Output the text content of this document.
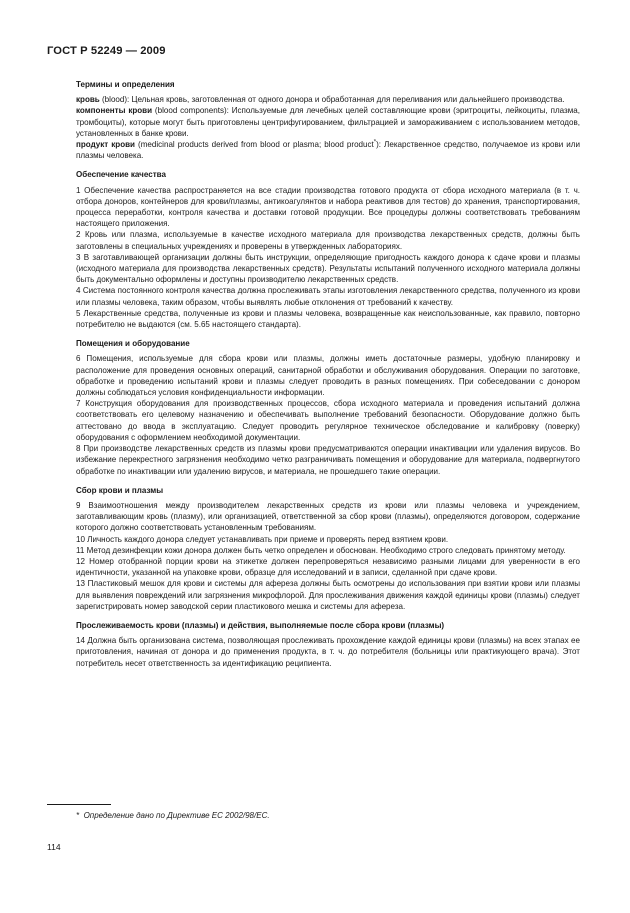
ГОСТ Р 52249 — 2009
Термины и определения

кровь (blood): Цельная кровь, заготовленная от одного донора и обработанная для переливания или дальнейшего производства.

компоненты крови (blood components): Используемые для лечебных целей составляющие крови (эритроциты, лейкоциты, плазма, тромбоциты), которые могут быть приготовлены центрифугированием, фильтрацией и замораживанием с использованием методов, установленных в банке крови.

продукт крови (medicinal products derived from blood or plasma; blood product*): Лекарственное средство, получаемое из крови или плазмы человека.

Обеспечение качества

1 Обеспечение качества распространяется на все стадии производства готового продукта от сбора исходного материала (в т. ч. отбора доноров, контейнеров для крови/плазмы, антикоагулянтов и набора реактивов для тестов) до хранения, транспортирования, процесса переработки, контроля качества и доставки готовой продукции. Все процедуры должны соответствовать требованиям настоящего приложения.

2 Кровь или плазма, используемые в качестве исходного материала для производства лекарственных средств, должны быть заготовлены в специальных учреждениях и проверены в утвержденных лабораториях.

3 В заготавливающей организации должны быть инструкции, определяющие пригодность каждого донора к сдаче крови и плазмы (исходного материала для производства лекарственных средств). Результаты испытаний полученного исходного материала должны быть документально оформлены и доступны производителю лекарственных средств.

4 Система постоянного контроля качества должна прослеживать этапы изготовления лекарственного средства, полученного из крови или плазмы человека, таким образом, чтобы выявлять любые отклонения от требований к качеству.

5 Лекарственные средства, полученные из крови и плазмы человека, возвращенные как неиспользованные, как правило, повторно потребителю не выдаются (см. 5.65 настоящего стандарта).

Помещения и оборудование

6 Помещения, используемые для сбора крови или плазмы, должны иметь достаточные размеры, удобную планировку и расположение для проведения основных операций, санитарной обработки и обслуживания оборудования. Операции по заготовке, обработке и проведению испытаний крови и плазмы следует проводить в разных помещениях. При собеседовании с донором должны соблюдаться условия конфиденциальности информации.

7 Конструкция оборудования для производственных процессов, сбора исходного материала и проведения испытаний должна соответствовать его целевому назначению и обеспечивать выполнение требований безопасности. Оборудование должно быть аттестовано до ввода в эксплуатацию. Следует проводить регулярное техническое обследование и калибровку (поверку) оборудования с оформлением необходимой документации.

8 При производстве лекарственных средств из плазмы крови предусматриваются операции инактивации или удаления вирусов. Во избежание перекрестного загрязнения необходимо четко разграничивать помещения и оборудование для материала, подвергнутого обработке по инактивации или удалению вирусов, и материала, не прошедшего такие операции.

Сбор крови и плазмы

9 Взаимоотношения между производителем лекарственных средств из крови или плазмы человека и учреждением, заготавливающим кровь (плазму), или организацией, ответственной за сбор крови (плазмы), определяются договором, содержание которого должно соответствовать установленным требованиям.

10 Личность каждого донора следует устанавливать при приеме и проверять перед взятием крови.

11 Метод дезинфекции кожи донора должен быть четко определен и обоснован. Необходимо строго следовать принятому методу.

12 Номер отобранной порции крови на этикетке должен перепроверяться независимо разными лицами для уверенности в его идентичности, указанной на упаковке крови, образце для исследований и в записи, сделанной при сдаче крови.

13 Пластиковый мешок для крови и системы для афереза должны быть осмотрены до использования при взятии крови или плазмы для выявления повреждений или загрязнения микрофлорой. Для прослеживания движения каждой единицы крови (плазмы) следует зарегистрировать номер заводской серии пластикового мешка и системы для афереза.

Прослеживаемость крови (плазмы) и действия, выполняемые после сбора крови (плазмы)

14 Должна быть организована система, позволяющая прослеживать прохождение каждой единицы крови (плазмы) на всех этапах ее приготовления, начиная от донора и до применения продукта, в т. ч. до потребителя (больницы или практикующего врача). Этот потребитель несет ответственность за идентификацию реципиента.

* Определение дано по Директиве ЕС 2002/98/ЕС.
114
